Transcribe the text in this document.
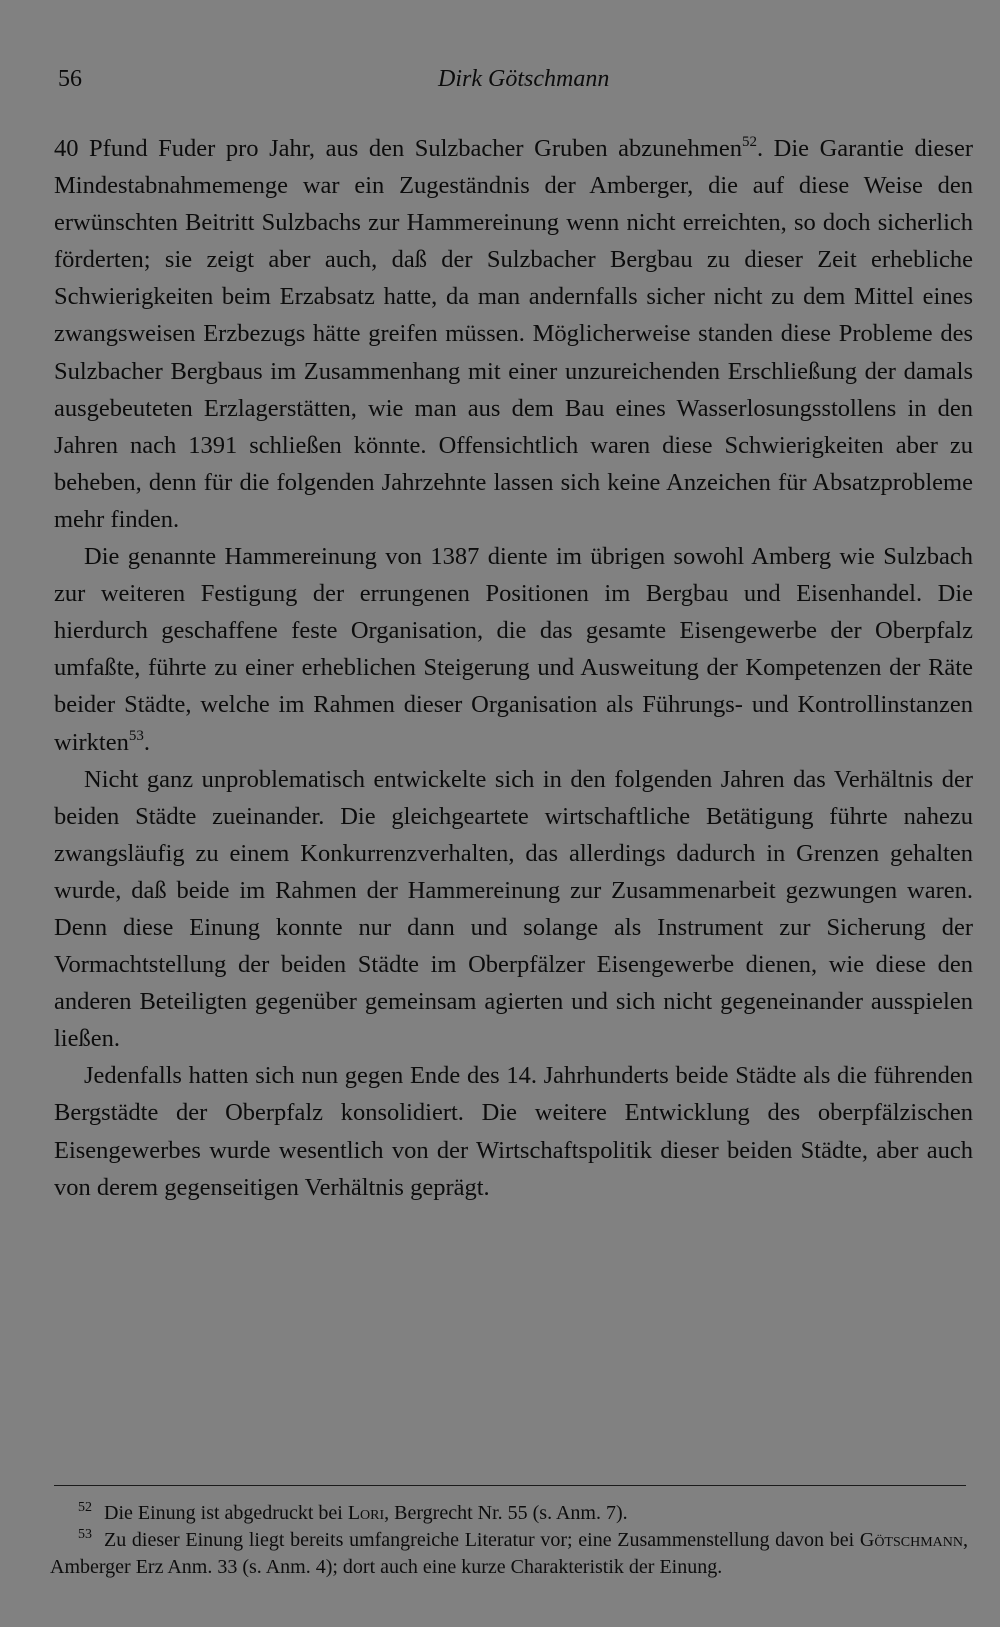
56	Dirk Götschmann

40 Pfund Fuder pro Jahr, aus den Sulzbacher Gruben abzunehmen$^{52}$. Die Garantie dieser Mindestabnahmemenge war ein Zugeständnis der Amberger, die auf diese Weise den erwünschten Beitritt Sulzbachs zur Hammereinung wenn nicht erreichten, so doch sicherlich förderten; sie zeigt aber auch, daß der Sulzbacher Bergbau zu dieser Zeit erhebliche Schwierigkeiten beim Erzabsatz hatte, da man andernfalls sicher nicht zu dem Mittel eines zwangsweisen Erzbezugs hätte greifen müssen. Möglicherweise standen diese Probleme des Sulzbacher Bergbaus im Zusammenhang mit einer unzureichenden Erschließung der damals ausgebeuteten Erzlagerstätten, wie man aus dem Bau eines Wasserlosungsstollens in den Jahren nach 1391 schließen könnte. Offensichtlich waren diese Schwierigkeiten aber zu beheben, denn für die folgenden Jahrzehnte lassen sich keine Anzeichen für Absatzprobleme mehr finden.

Die genannte Hammereinung von 1387 diente im übrigen sowohl Amberg wie Sulzbach zur weiteren Festigung der errungenen Positionen im Bergbau und Eisenhandel. Die hierdurch geschaffene feste Organisation, die das gesamte Eisengewerbe der Oberpfalz umfaßte, führte zu einer erheblichen Steigerung und Ausweitung der Kompetenzen der Räte beider Städte, welche im Rahmen dieser Organisation als Führungs- und Kontrollinstanzen wirkten$^{53}$.

Nicht ganz unproblematisch entwickelte sich in den folgenden Jahren das Verhältnis der beiden Städte zueinander. Die gleichgeartete wirtschaftliche Betätigung führte nahezu zwangsläufig zu einem Konkurrenzverhalten, das allerdings dadurch in Grenzen gehalten wurde, daß beide im Rahmen der Hammereinung zur Zusammenarbeit gezwungen waren. Denn diese Einung konnte nur dann und solange als Instrument zur Sicherung der Vormachtstellung der beiden Städte im Oberpfälzer Eisengewerbe dienen, wie diese den anderen Beteiligten gegenüber gemeinsam agierten und sich nicht gegeneinander ausspielen ließen.

Jedenfalls hatten sich nun gegen Ende des 14. Jahrhunderts beide Städte als die führenden Bergstädte der Oberpfalz konsolidiert. Die weitere Entwicklung des oberpfälzischen Eisengewerbes wurde wesentlich von der Wirtschaftspolitik dieser beiden Städte, aber auch von derem gegenseitigen Verhältnis geprägt.

$^{52}$ Die Einung ist abgedruckt bei Lori, Bergrecht Nr. 55 (s. Anm. 7).

$^{53}$ Zu dieser Einung liegt bereits umfangreiche Literatur vor; eine Zusammenstellung davon bei Götschmann, Amberger Erz Anm. 33 (s. Anm. 4); dort auch eine kurze Charakteristik der Einung.
